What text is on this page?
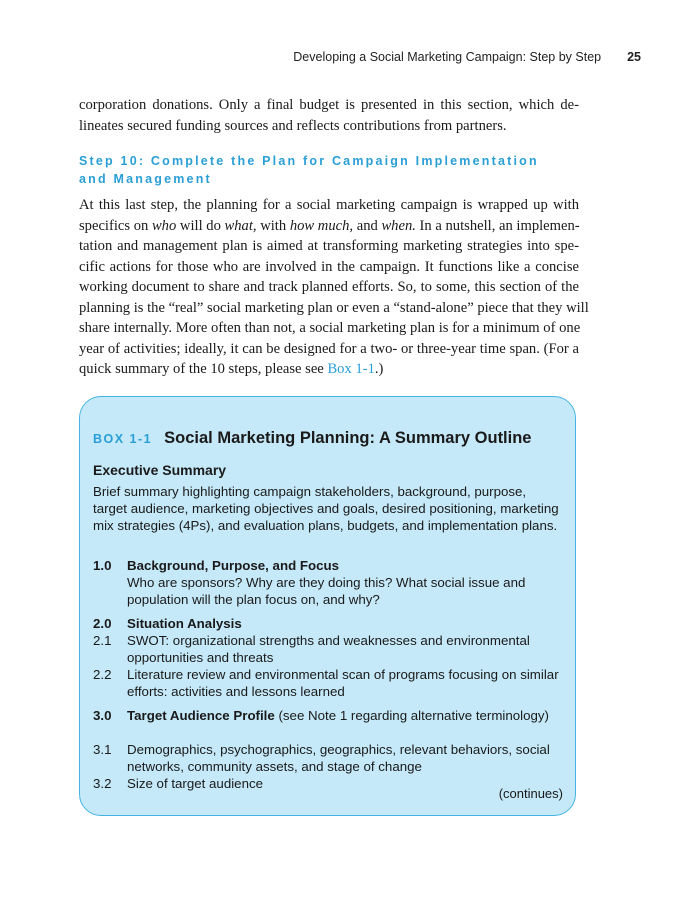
Developing a Social Marketing Campaign: Step by Step 25
corporation donations. Only a final budget is presented in this section, which de-
lineates secured funding sources and reflects contributions from partners.
Step 10: Complete the Plan for Campaign Implementation
and Management
At this last step, the planning for a social marketing campaign is wrapped up with
specifics on who will do what, with how much, and when. In a nutshell, an implemen-
tation and management plan is aimed at transforming marketing strategies into spe-
cific actions for those who are involved in the campaign. It functions like a concise
working document to share and track planned efforts. So, to some, this section of the
planning is the “real” social marketing plan or even a “stand-alone” piece that they will
share internally. More often than not, a social marketing plan is for a minimum of one
year of activities; ideally, it can be designed for a two- or three-year time span. (For a
quick summary of the 10 steps, please see Box 1-1.)
BOX 1-1 Social Marketing Planning: A Summary Outline
Executive Summary
Brief summary highlighting campaign stakeholders, background, purpose, target audience, marketing objectives and goals, desired positioning, marketing mix strategies (4Ps), and evaluation plans, budgets, and implementation plans.
1.0 Background, Purpose, and Focus
Who are sponsors? Why are they doing this? What social issue and population will the plan focus on, and why?
2.0 Situation Analysis
2.1 SWOT: organizational strengths and weaknesses and environmental opportunities and threats
2.2 Literature review and environmental scan of programs focusing on similar efforts: activities and lessons learned
3.0 Target Audience Profile (see Note 1 regarding alternative terminology)
3.1 Demographics, psychographics, geographics, relevant behaviors, social networks, community assets, and stage of change
3.2 Size of target audience
(continues)
